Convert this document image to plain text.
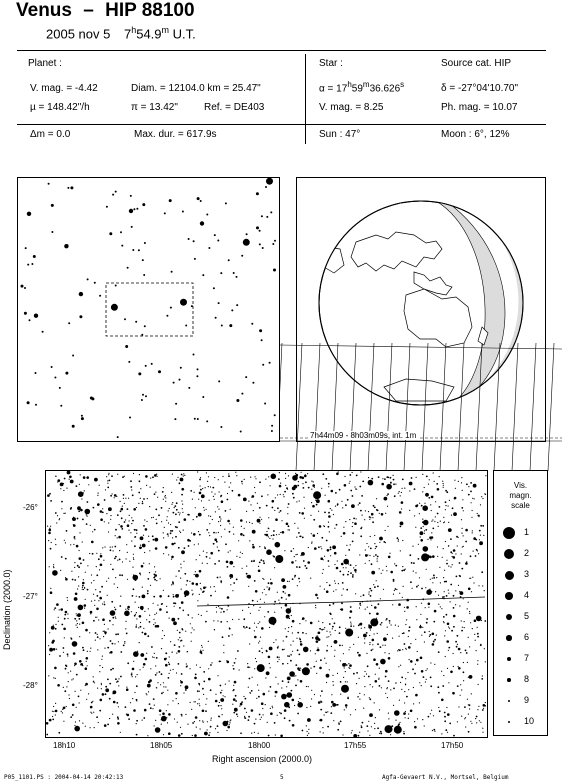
Venus – HIP 88100
2005 nov 5 7$^h$54.9$^m$ U.T.
Planet :
V. mag. = -4.42	Diam. = 12104.0 km = 25.47"
µ = 148.42"/h	π = 13.42"	Ref. = DE403
Star :	Source cat. HIP
$\alpha = 17^h59^m36.626^s$	δ = -27°04'10.70"
V. mag. = 8.25	Ph. mag. = 10.07
Δm = 0.0	Max. dur. = 617.9s	Sun : 47°	Moon : 6°, 12%
7h44m09 - 8h03m09s, int. 1m
Declination (2000.0)
-26°
-27°
-28°
18h10	18h05	18h00	17h55	17h50
Right ascension (2000.0)
Vis.
magn.
scale
1
2
3
4
5
6
7
8
9
10
P05_1101.PS : 2004-04-14 20:42:13	5	Agfa-Gevaert N.V., Mortsel, Belgium
